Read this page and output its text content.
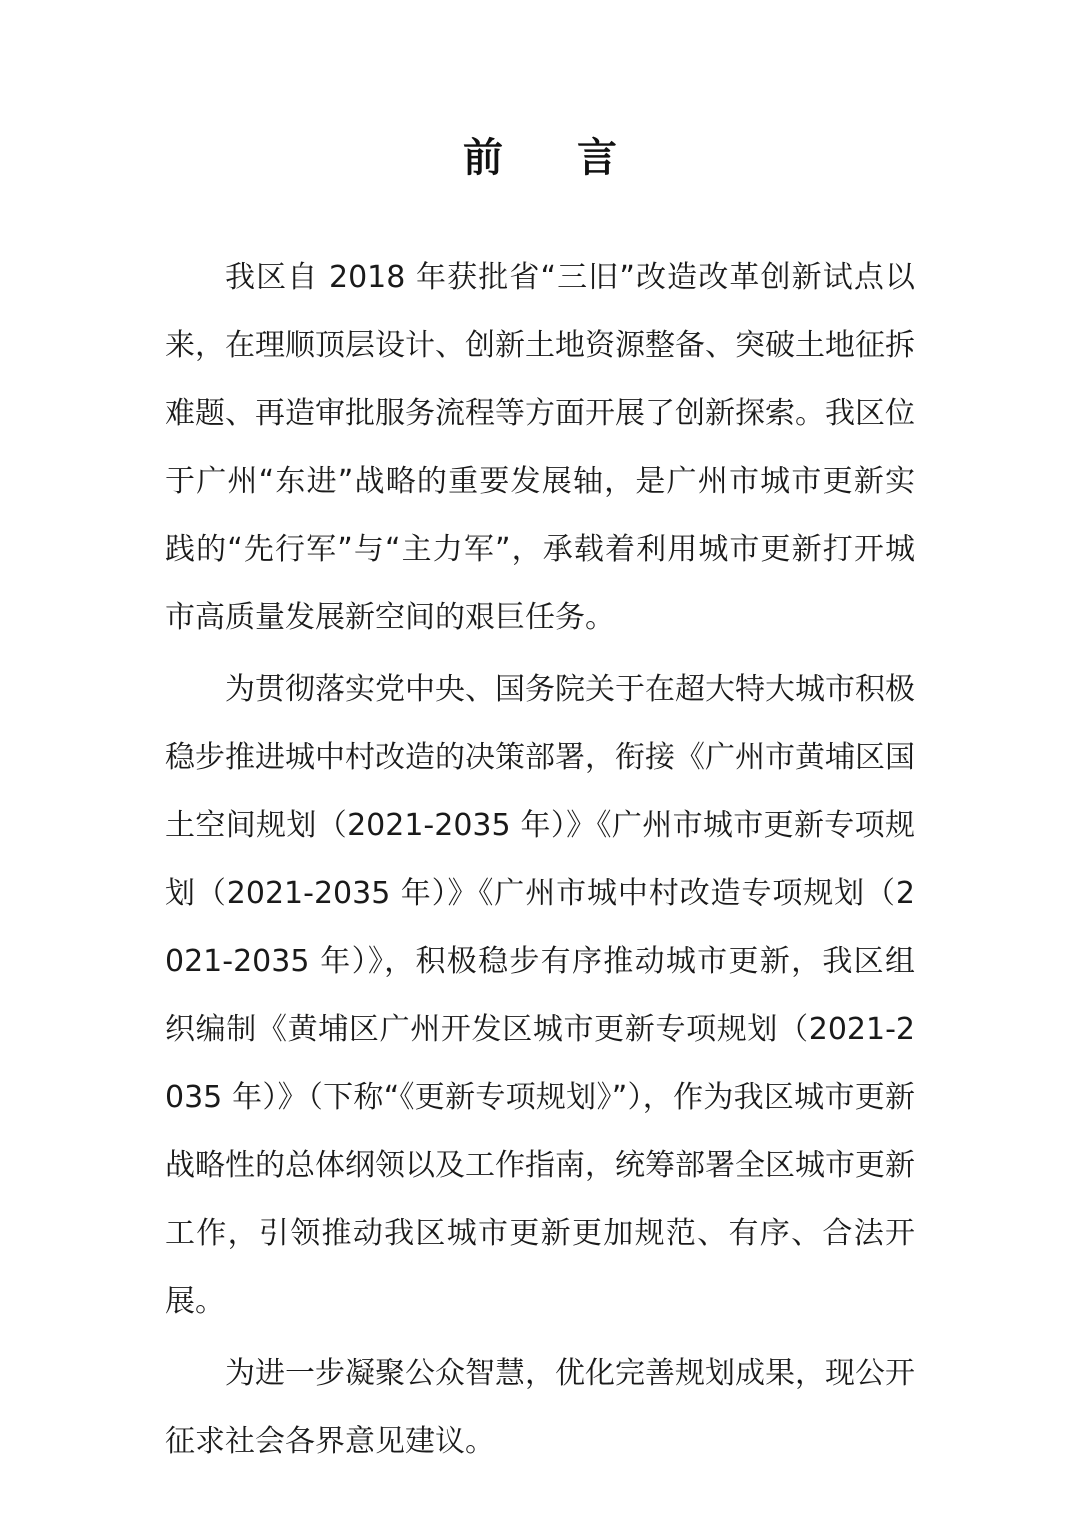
前 言

我区自 2018 年获批省“三旧”改造改革创新试点以来，在理顺顶层设计、创新土地资源整备、突破土地征拆难题、再造审批服务流程等方面开展了创新探索。我区位于广州“东进”战略的重要发展轴，是广州市城市更新实践的“先行军”与“主力军”，承载着利用城市更新打开城市高质量发展新空间的艰巨任务。

为贯彻落实党中央、国务院关于在超大特大城市积极稳步推进城中村改造的决策部署，衔接《广州市黄埔区国土空间规划（2021-2035 年）》《广州市城市更新专项规划（2021-2035 年）》《广州市城中村改造专项规划（2021-2035 年）》，积极稳步有序推动城市更新，我区组织编制《黄埔区广州开发区城市更新专项规划（2021-2035 年）》（下称“《更新专项规划》”），作为我区城市更新战略性的总体纲领以及工作指南，统筹部署全区城市更新工作，引领推动我区城市更新更加规范、有序、合法开展。

为进一步凝聚公众智慧，优化完善规划成果，现公开征求社会各界意见建议。
